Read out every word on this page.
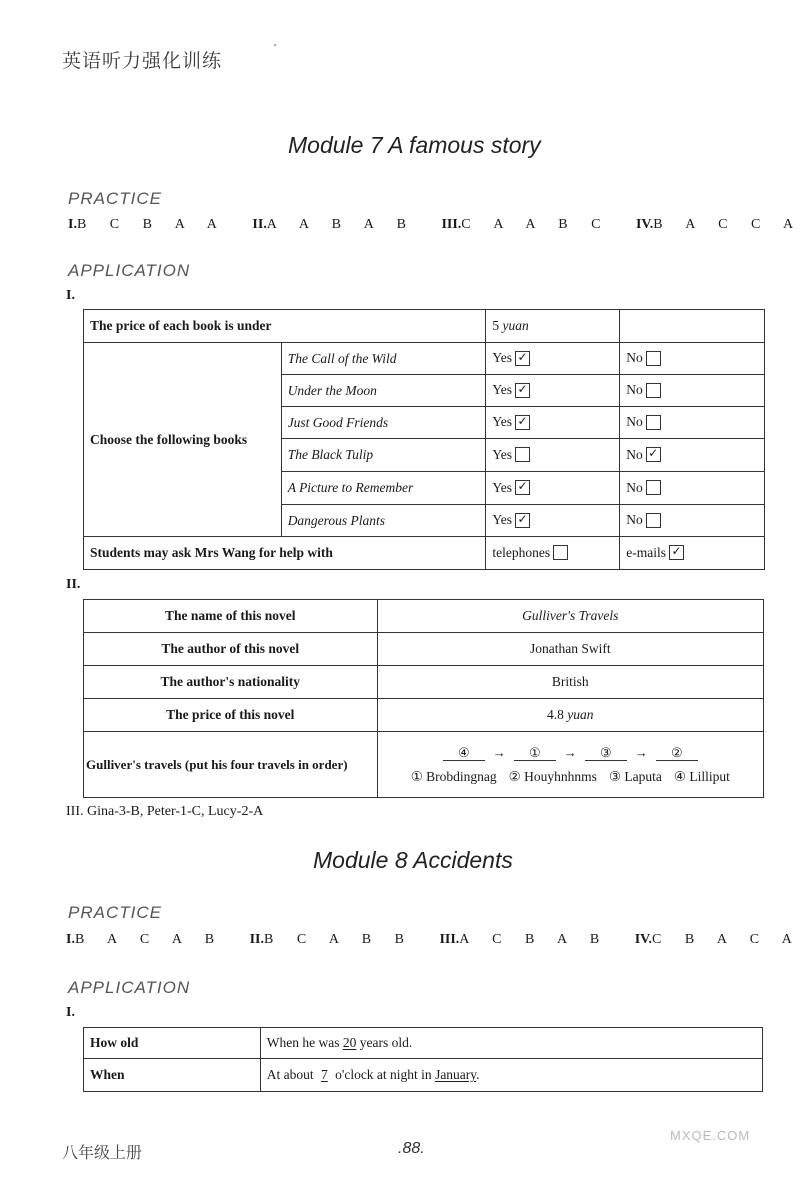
英语听力强化训练
Module 7 A famous story
PRACTICE
I.B C B A A II.A A B A B III.C A A B C IV.B A C C A
APPLICATION
I.
The price of each book is under		5 yuan	
Choose the following books	The Call of the Wild	Yes ✓	No
	Under the Moon	Yes ✓	No
	Just Good Friends	Yes ✓	No
	The Black Tulip	Yes	No ✓
	A Picture to Remember	Yes ✓	No
	Dangerous Plants	Yes ✓	No
Students may ask Mrs Wang for help with		telephones	e-mails ✓
II.
The name of this novel	Gulliver's Travels
The author of this novel	Jonathan Swift
The author's nationality	British
The price of this novel	4.8 yuan
Gulliver's travels (put his four travels in order)	④ → ① → ③ → ②
① Brobdingnag ② Houyhnhnms ③ Laputa ④ Lilliput
III. Gina-3-B, Peter-1-C, Lucy-2-A
Module 8 Accidents
PRACTICE
I.B A C A B II.B C A B B III.A C B A B IV.C B A C A
APPLICATION
I.
How old	When he was 20 years old.
When	At about 7 o'clock at night in January.
八年级上册	.88.
MXQE.COM
